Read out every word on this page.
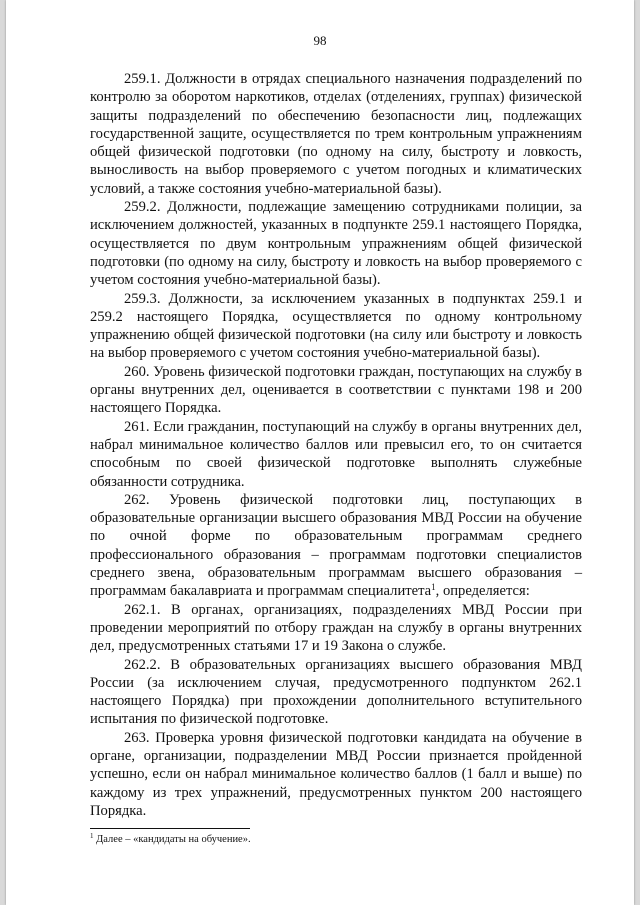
98

259.1. Должности в отрядах специального назначения подразделений по контролю за оборотом наркотиков, отделах (отделениях, группах) физической защиты подразделений по обеспечению безопасности лиц, подлежащих государственной защите, осуществляется по трем контрольным упражнениям общей физической подготовки (по одному на силу, быстроту и ловкость, выносливость на выбор проверяемого с учетом погодных и климатических условий, а также состояния учебно-материальной базы).

259.2. Должности, подлежащие замещению сотрудниками полиции, за исключением должностей, указанных в подпункте 259.1 настоящего Порядка, осуществляется по двум контрольным упражнениям общей физической подготовки (по одному на силу, быстроту и ловкость на выбор проверяемого с учетом состояния учебно-материальной базы).

259.3. Должности, за исключением указанных в подпунктах 259.1 и 259.2 настоящего Порядка, осуществляется по одному контрольному упражнению общей физической подготовки (на силу или быстроту и ловкость на выбор проверяемого с учетом состояния учебно-материальной базы).

260. Уровень физической подготовки граждан, поступающих на службу в органы внутренних дел, оценивается в соответствии с пунктами 198 и 200 настоящего Порядка.

261. Если гражданин, поступающий на службу в органы внутренних дел, набрал минимальное количество баллов или превысил его, то он считается способным по своей физической подготовке выполнять служебные обязанности сотрудника.

262. Уровень физической подготовки лиц, поступающих в образовательные организации высшего образования МВД России на обучение по очной форме по образовательным программам среднего профессионального образования – программам подготовки специалистов среднего звена, образовательным программам высшего образования – программам бакалавриата и программам специалитета$^1$, определяется:

262.1. В органах, организациях, подразделениях МВД России при проведении мероприятий по отбору граждан на службу в органы внутренних дел, предусмотренных статьями 17 и 19 Закона о службе.

262.2. В образовательных организациях высшего образования МВД России (за исключением случая, предусмотренного подпунктом 262.1 настоящего Порядка) при прохождении дополнительного вступительного испытания по физической подготовке.

263. Проверка уровня физической подготовки кандидата на обучение в органе, организации, подразделении МВД России признается пройденной успешно, если он набрал минимальное количество баллов (1 балл и выше) по каждому из трех упражнений, предусмотренных пунктом 200 настоящего Порядка.

$^1$ Далее – «кандидаты на обучение».
